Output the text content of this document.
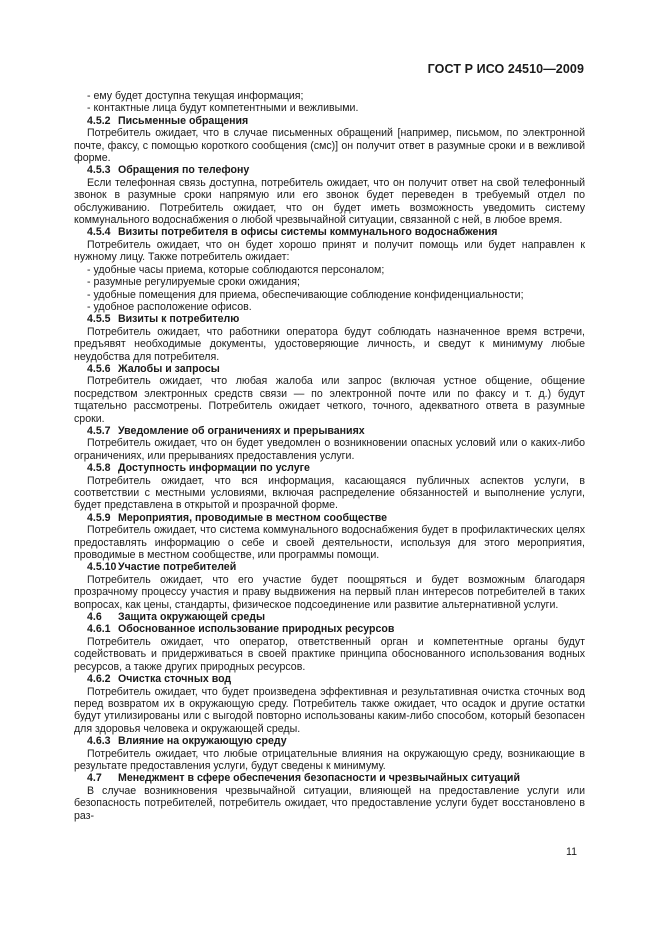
ГОСТ Р ИСО 24510—2009

- ему будет доступна текущая информация;

- контактные лица будут компетентными и вежливыми.

4.5.2 Письменные обращения

Потребитель ожидает, что в случае письменных обращений [например, письмом, по электронной почте, факсу, с помощью короткого сообщения (смс)] он получит ответ в разумные сроки и в вежливой форме.

4.5.3 Обращения по телефону

Если телефонная связь доступна, потребитель ожидает, что он получит ответ на свой телефонный звонок в разумные сроки напрямую или его звонок будет переведен в требуемый отдел по обслуживанию. Потребитель ожидает, что он будет иметь возможность уведомить систему коммунального водоснабжения о любой чрезвычайной ситуации, связанной с ней, в любое время.

4.5.4 Визиты потребителя в офисы системы коммунального водоснабжения

Потребитель ожидает, что он будет хорошо принят и получит помощь или будет направлен к нужному лицу. Также потребитель ожидает:

- удобные часы приема, которые соблюдаются персоналом;

- разумные регулируемые сроки ожидания;

- удобные помещения для приема, обеспечивающие соблюдение конфиденциальности;

- удобное расположение офисов.

4.5.5 Визиты к потребителю

Потребитель ожидает, что работники оператора будут соблюдать назначенное время встречи, предъявят необходимые документы, удостоверяющие личность, и сведут к минимуму любые неудобства для потребителя.

4.5.6 Жалобы и запросы

Потребитель ожидает, что любая жалоба или запрос (включая устное общение, общение посредством электронных средств связи — по электронной почте или по факсу и т. д.) будут тщательно рассмотрены. Потребитель ожидает четкого, точного, адекватного ответа в разумные сроки.

4.5.7 Уведомление об ограничениях и прерываниях

Потребитель ожидает, что он будет уведомлен о возникновении опасных условий или о каких-либо ограничениях, или прерываниях предоставления услуги.

4.5.8 Доступность информации по услуге

Потребитель ожидает, что вся информация, касающаяся публичных аспектов услуги, в соответствии с местными условиями, включая распределение обязанностей и выполнение услуги, будет представлена в открытой и прозрачной форме.

4.5.9 Мероприятия, проводимые в местном сообществе

Потребитель ожидает, что система коммунального водоснабжения будет в профилактических целях предоставлять информацию о себе и своей деятельности, используя для этого мероприятия, проводимые в местном сообществе, или программы помощи.

4.5.10 Участие потребителей

Потребитель ожидает, что его участие будет поощряться и будет возможным благодаря прозрачному процессу участия и праву выдвижения на первый план интересов потребителей в таких вопросах, как цены, стандарты, физическое подсоединение или развитие альтернативной услуги.

4.6 Защита окружающей среды

4.6.1 Обоснованное использование природных ресурсов

Потребитель ожидает, что оператор, ответственный орган и компетентные органы будут содействовать и придерживаться в своей практике принципа обоснованного использования водных ресурсов, а также других природных ресурсов.

4.6.2 Очистка сточных вод

Потребитель ожидает, что будет произведена эффективная и результативная очистка сточных вод перед возвратом их в окружающую среду. Потребитель также ожидает, что осадок и другие остатки будут утилизированы или с выгодой повторно использованы каким-либо способом, который безопасен для здоровья человека и окружающей среды.

4.6.3 Влияние на окружающую среду

Потребитель ожидает, что любые отрицательные влияния на окружающую среду, возникающие в результате предоставления услуги, будут сведены к минимуму.

4.7 Менеджмент в сфере обеспечения безопасности и чрезвычайных ситуаций

В случае возникновения чрезвычайной ситуации, влияющей на предоставление услуги или безопасность потребителей, потребитель ожидает, что предоставление услуги будет восстановлено в раз-

11
